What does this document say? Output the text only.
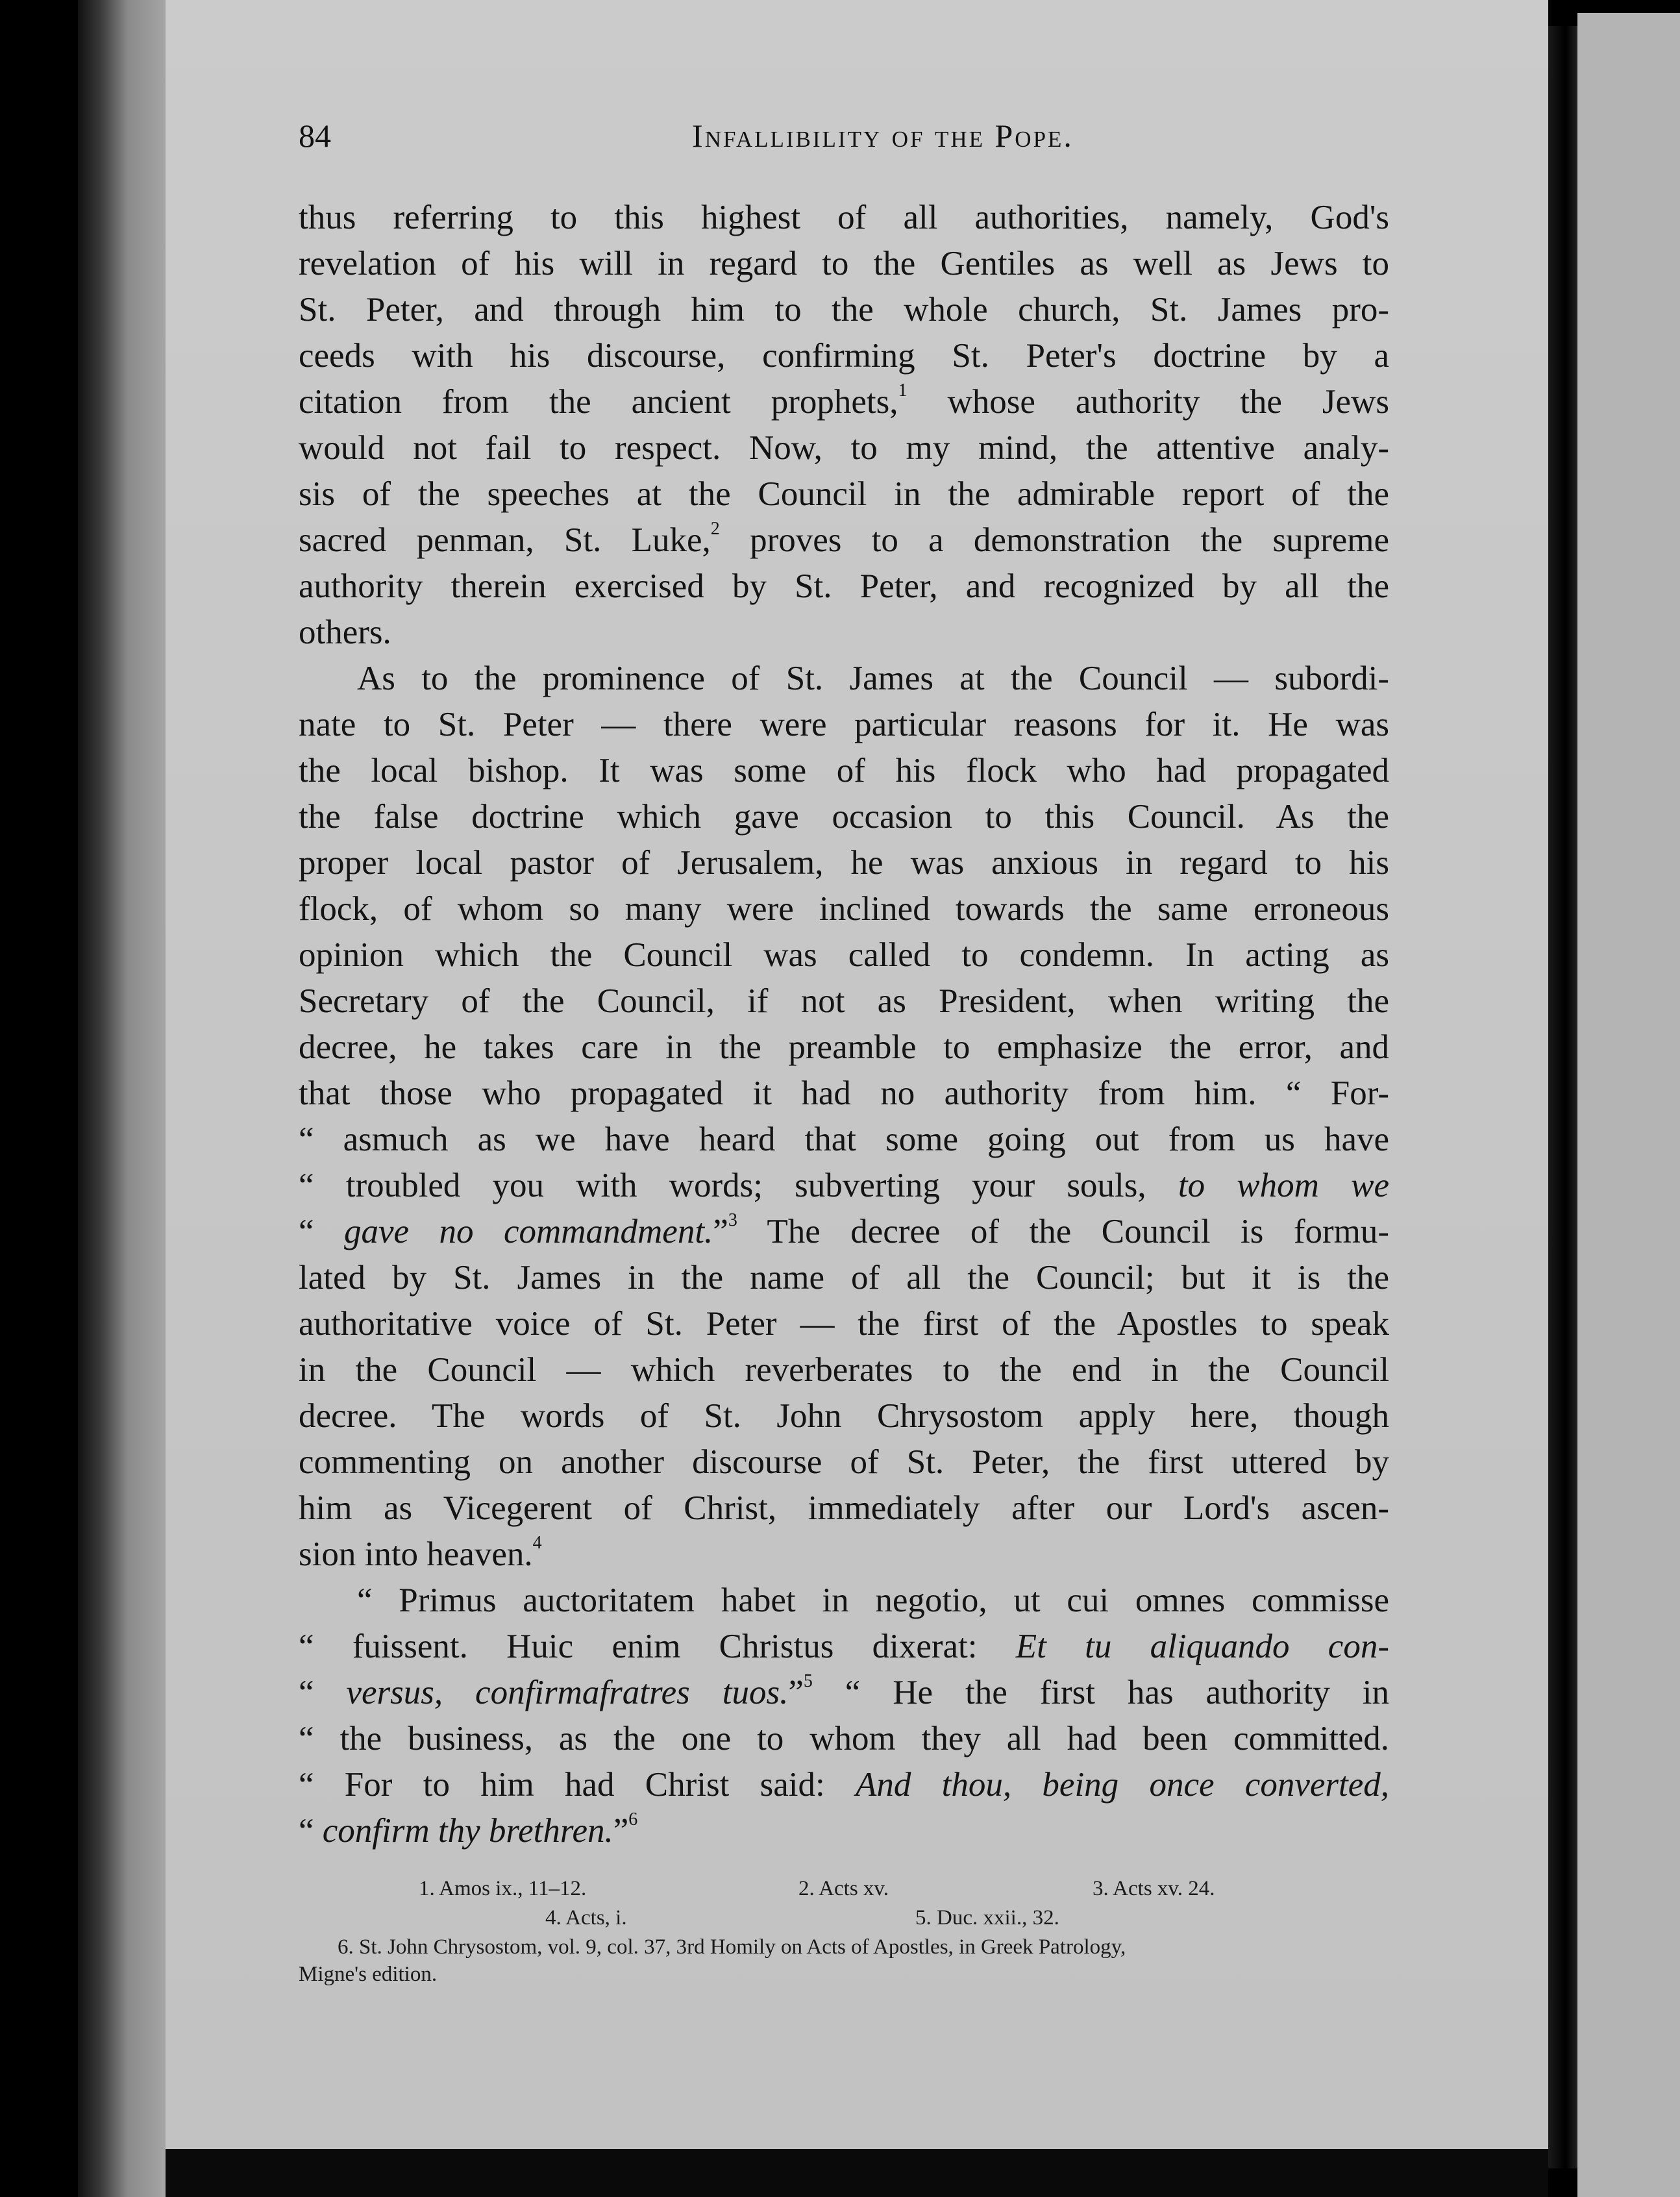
84	Infallibility of the Pope.
thus referring to this highest of all authorities, namely, God's
revelation of his will in regard to the Gentiles as well as Jews to
St. Peter, and through him to the whole church, St. James pro-
ceeds with his discourse, confirming St. Peter's doctrine by a
citation from the ancient prophets,$^1$ whose authority the Jews
would not fail to respect. Now, to my mind, the attentive analy-
sis of the speeches at the Council in the admirable report of the
sacred penman, St. Luke,$^2$ proves to a demonstration the supreme
authority therein exercised by St. Peter, and recognized by all the
others.
As to the prominence of St. James at the Council — subordi-
nate to St. Peter — there were particular reasons for it. He was
the local bishop. It was some of his flock who had propagated
the false doctrine which gave occasion to this Council. As the
proper local pastor of Jerusalem, he was anxious in regard to his
flock, of whom so many were inclined towards the same erroneous
opinion which the Council was called to condemn. In acting as
Secretary of the Council, if not as President, when writing the
decree, he takes care in the preamble to emphasize the error, and
that those who propagated it had no authority from him. “ For-
“ asmuch as we have heard that some going out from us have
“ troubled you with words; subverting your souls, to whom we
“ gave no commandment.”$^3$ The decree of the Council is formu-
lated by St. James in the name of all the Council; but it is the
authoritative voice of St. Peter — the first of the Apostles to speak
in the Council — which reverberates to the end in the Council
decree. The words of St. John Chrysostom apply here, though
commenting on another discourse of St. Peter, the first uttered by
him as Vicegerent of Christ, immediately after our Lord's ascen-
sion into heaven.$^4$
“ Primus auctoritatem habet in negotio, ut cui omnes commisse
“ fuissent. Huic enim Christus dixerat: Et tu aliquando con-
“ versus, confirmafratres tuos.”$^5$ “ He the first has authority in
“ the business, as the one to whom they all had been committed.
“ For to him had Christ said: And thou, being once converted,
“ confirm thy brethren.”$^6$
1. Amos ix., 11–12.	2. Acts xv.	3. Acts xv. 24.
4. Acts, i.	5. Duc. xxii., 32.
6. St. John Chrysostom, vol. 9, col. 37, 3rd Homily on Acts of Apostles, in Greek Patrology,
Migne's edition.
